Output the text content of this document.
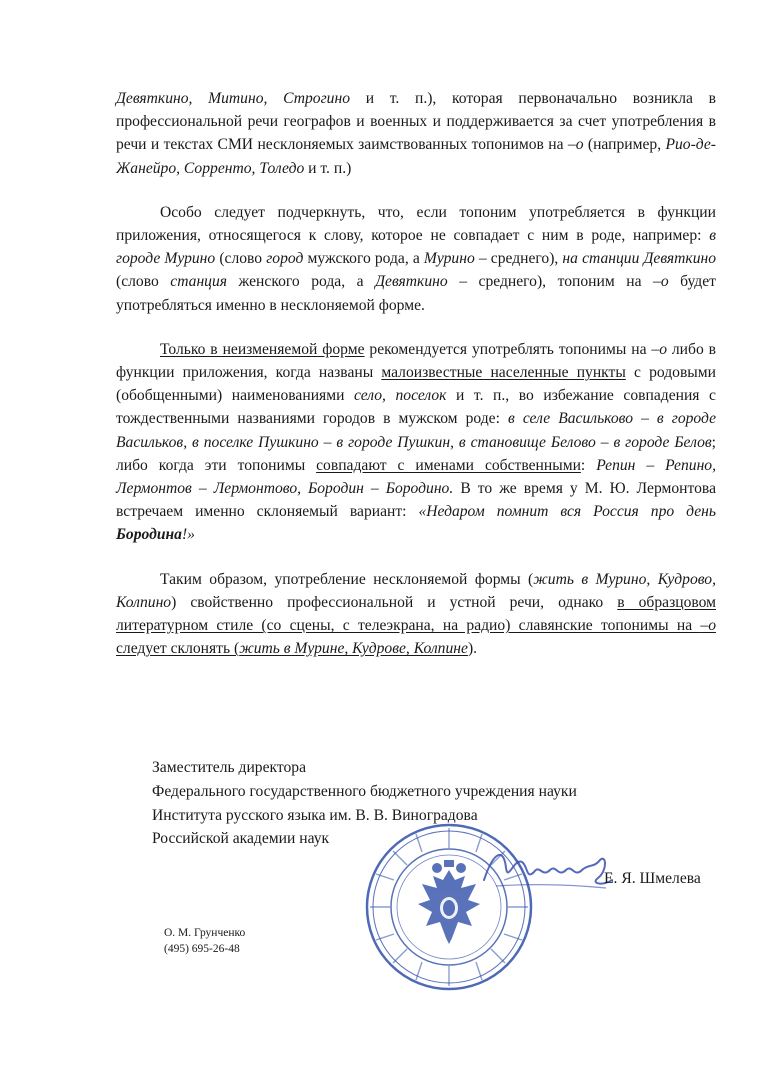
Девяткино, Митино, Строгино и т. п.), которая первоначально возникла в профессиональной речи географов и военных и поддерживается за счет употребления в речи и текстах СМИ несклоняемых заимствованных топонимов на –о (например, Рио-де-Жанейро, Сорренто, Толедо и т. п.)

Особо следует подчеркнуть, что, если топоним употребляется в функции приложения, относящегося к слову, которое не совпадает с ним в роде, например: в городе Мурино (слово город мужского рода, а Мурино – среднего), на станции Девяткино (слово станция женского рода, а Девяткино – среднего), топоним на –о будет употребляться именно в несклоняемой форме.

Только в неизменяемой форме рекомендуется употреблять топонимы на –о либо в функции приложения, когда названы малоизвестные населенные пункты с родовыми (обобщенными) наименованиями село, поселок и т. п., во избежание совпадения с тождественными названиями городов в мужском роде: в селе Васильково – в городе Васильков, в поселке Пушкино – в городе Пушкин, в становище Белово – в городе Белов; либо когда эти топонимы совпадают с именами собственными: Репин – Репино, Лермонтов – Лермонтово, Бородин – Бородино. В то же время у М. Ю. Лермонтова встречаем именно склоняемый вариант: «Недаром помнит вся Россия про день Бородина!»

Таким образом, употребление несклоняемой формы (жить в Мурино, Кудрово, Колпино) свойственно профессиональной и устной речи, однако в образцовом литературном стиле (со сцены, с телеэкрана, на радио) славянские топонимы на –о следует склонять (жить в Мурине, Кудрове, Колпине).

Заместитель директора
Федерального государственного бюджетного учреждения науки
Института русского языка им. В. В. Виноградова
Российской академии наук
Е. Я. Шмелева
О. М. Грунченко
(495) 695-26-48
